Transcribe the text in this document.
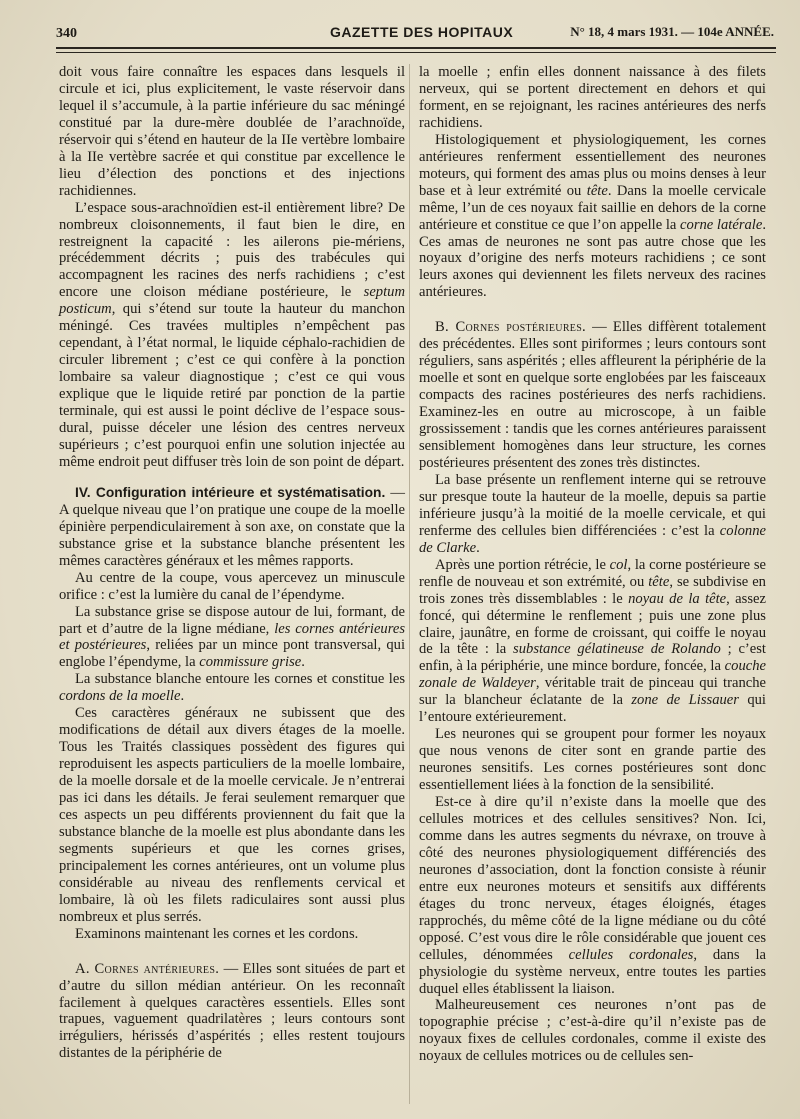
340	GAZETTE DES HOPITAUX	N° 18, 4 mars 1931. — 104e ANNÉE.

doit vous faire connaître les espaces dans lesquels il circule et ici, plus explicitement, le vaste réservoir dans lequel il s’accumule, à la partie inférieure du sac méningé constitué par la dure-mère doublée de l’arachnoïde, réservoir qui s’étend en hauteur de la IIe vertèbre lombaire à la IIe vertèbre sacrée et qui constitue par excellence le lieu d’élection des ponctions et des injections rachidiennes.

L’espace sous-arachnoïdien est-il entièrement libre? De nombreux cloisonnements, il faut bien le dire, en restreignent la capacité : les ailerons pie-mériens, précédemment décrits ; puis des trabécules qui accompagnent les racines des nerfs rachidiens ; c’est encore une cloison médiane postérieure, le septum posticum, qui s’étend sur toute la hauteur du manchon méningé. Ces travées multiples n’empêchent pas cependant, à l’état normal, le liquide céphalo-rachidien de circuler librement ; c’est ce qui confère à la ponction lombaire sa valeur diagnostique ; c’est ce qui vous explique que le liquide retiré par ponction de la partie terminale, qui est aussi le point déclive de l’espace sous-dural, puisse déceler une lésion des centres nerveux supérieurs ; c’est pourquoi enfin une solution injectée au même endroit peut diffuser très loin de son point de départ.

IV. Configuration intérieure et systématisation. — A quelque niveau que l’on pratique une coupe de la moelle épinière perpendiculairement à son axe, on constate que la substance grise et la substance blanche présentent les mêmes caractères généraux et les mêmes rapports.

Au centre de la coupe, vous apercevez un minuscule orifice : c’est la lumière du canal de l’épendyme.

La substance grise se dispose autour de lui, formant, de part et d’autre de la ligne médiane, les cornes antérieures et postérieures, reliées par un mince pont transversal, qui englobe l’épendyme, la commissure grise.

La substance blanche entoure les cornes et constitue les cordons de la moelle.

Ces caractères généraux ne subissent que des modifications de détail aux divers étages de la moelle. Tous les Traités classiques possèdent des figures qui reproduisent les aspects particuliers de la moelle lombaire, de la moelle dorsale et de la moelle cervicale. Je n’entrerai pas ici dans les détails. Je ferai seulement remarquer que ces aspects un peu différents proviennent du fait que la substance blanche de la moelle est plus abondante dans les segments supérieurs et que les cornes grises, principalement les cornes antérieures, ont un volume plus considérable au niveau des renflements cervical et lombaire, là où les filets radiculaires sont aussi plus nombreux et plus serrés.

Examinons maintenant les cornes et les cordons.

A. Cornes antérieures. — Elles sont situées de part et d’autre du sillon médian antérieur. On les reconnaît facilement à quelques caractères essentiels. Elles sont trapues, vaguement quadrilatères ; leurs contours sont irréguliers, hérissés d’aspérités ; elles restent toujours distantes de la périphérie de

la moelle ; enfin elles donnent naissance à des filets nerveux, qui se portent directement en dehors et qui forment, en se rejoignant, les racines antérieures des nerfs rachidiens.

Histologiquement et physiologiquement, les cornes antérieures renferment essentiellement des neurones moteurs, qui forment des amas plus ou moins denses à leur base et à leur extrémité ou tête. Dans la moelle cervicale même, l’un de ces noyaux fait saillie en dehors de la corne antérieure et constitue ce que l’on appelle la corne latérale. Ces amas de neurones ne sont pas autre chose que les noyaux d’origine des nerfs moteurs rachidiens ; ce sont leurs axones qui deviennent les filets nerveux des racines antérieures.

B. Cornes postérieures. — Elles diffèrent totalement des précédentes. Elles sont piriformes ; leurs contours sont réguliers, sans aspérités ; elles affleurent la périphérie de la moelle et sont en quelque sorte englobées par les faisceaux compacts des racines postérieures des nerfs rachidiens. Examinez-les en outre au microscope, à un faible grossissement : tandis que les cornes antérieures paraissent sensiblement homogènes dans leur structure, les cornes postérieures présentent des zones très distinctes.

La base présente un renflement interne qui se retrouve sur presque toute la hauteur de la moelle, depuis sa partie inférieure jusqu’à la moitié de la moelle cervicale, et qui renferme des cellules bien différenciées : c’est la colonne de Clarke.

Après une portion rétrécie, le col, la corne postérieure se renfle de nouveau et son extrémité, ou tête, se subdivise en trois zones très dissemblables : le noyau de la tête, assez foncé, qui détermine le renflement ; puis une zone plus claire, jaunâtre, en forme de croissant, qui coiffe le noyau de la tête : la substance gélatineuse de Rolando ; c’est enfin, à la périphérie, une mince bordure, foncée, la couche zonale de Waldeyer, véritable trait de pinceau qui tranche sur la blancheur éclatante de la zone de Lissauer qui l’entoure extérieurement.

Les neurones qui se groupent pour former les noyaux que nous venons de citer sont en grande partie des neurones sensitifs. Les cornes postérieures sont donc essentiellement liées à la fonction de la sensibilité.

Est-ce à dire qu’il n’existe dans la moelle que des cellules motrices et des cellules sensitives? Non. Ici, comme dans les autres segments du névraxe, on trouve à côté des neurones physiologiquement différenciés des neurones d’association, dont la fonction consiste à réunir entre eux neurones moteurs et sensitifs aux différents étages du tronc nerveux, étages éloignés, étages rapprochés, du même côté de la ligne médiane ou du côté opposé. C’est vous dire le rôle considérable que jouent ces cellules, dénommées cellules cordonales, dans la physiologie du système nerveux, entre toutes les parties duquel elles établissent la liaison.

Malheureusement ces neurones n’ont pas de topographie précise ; c’est-à-dire qu’il n’existe pas de noyaux fixes de cellules cordonales, comme il existe des noyaux de cellules motrices ou de cellules sen-
